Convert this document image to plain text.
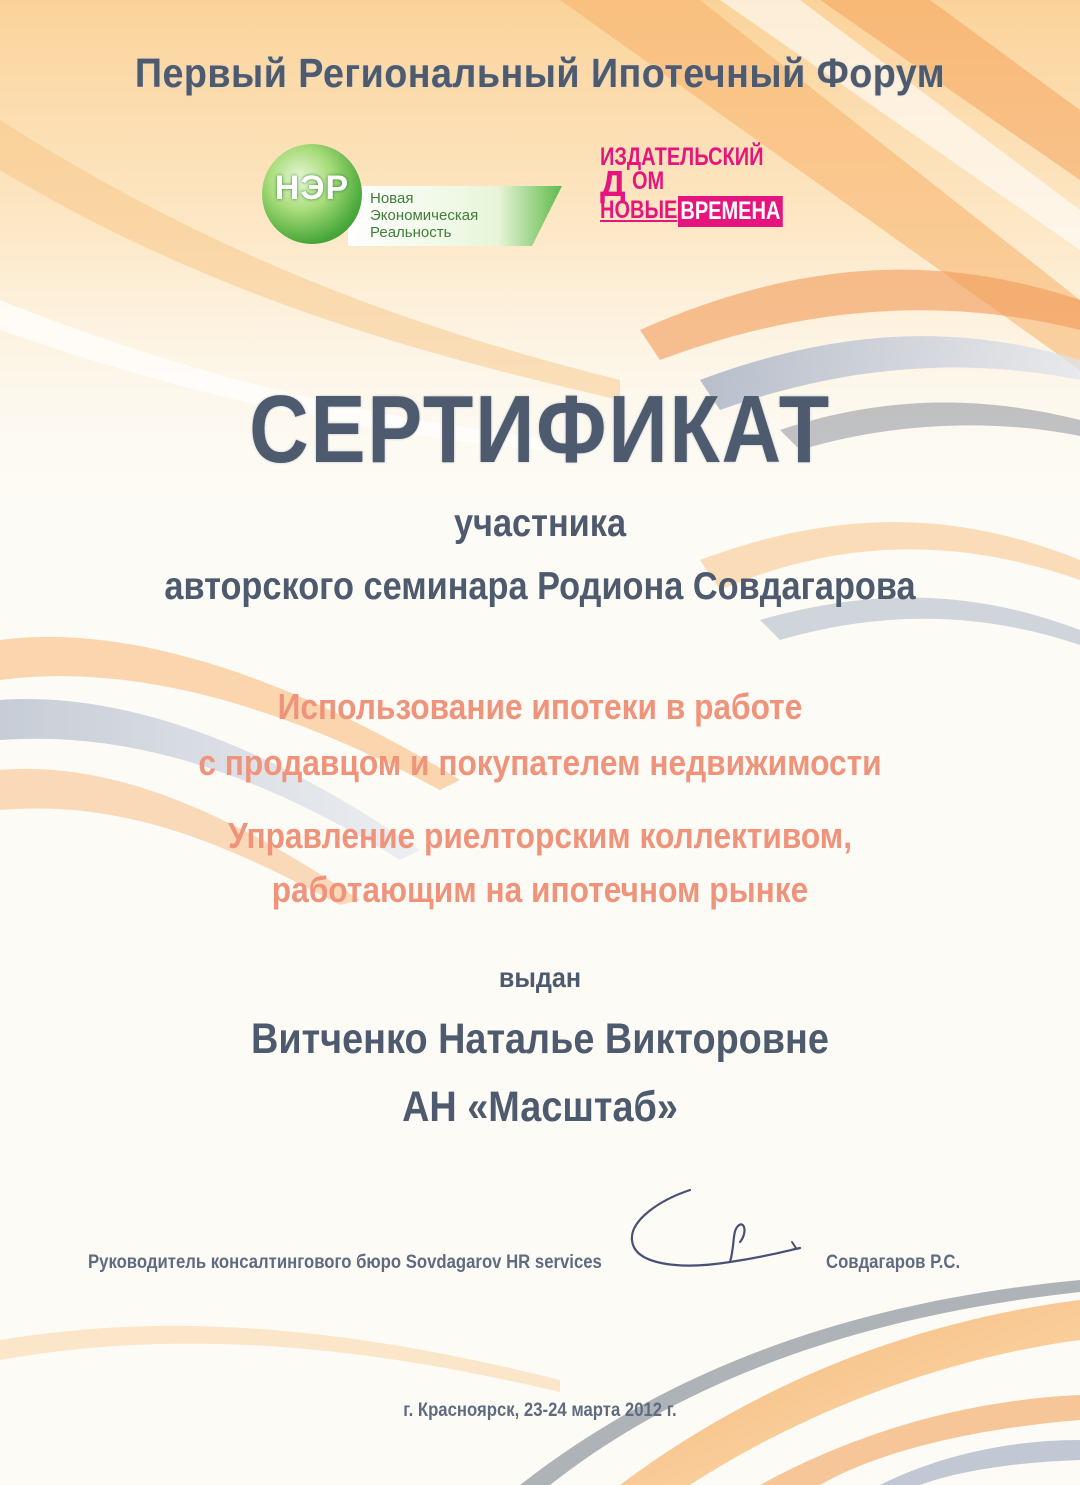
Первый Региональный Ипотечный Форум
НЭР	Новая
Экономическая
Реальность
ИЗДАТЕЛЬСКИЙ
Д ОМ
НОВЫЕ ВРЕМЕНА
СЕРТИФИКАТ
участника
авторского семинара Родиона Совдагарова
Использование ипотеки в работе
с продавцом и покупателем недвижимости
Управление риелторским коллективом,
работающим на ипотечном рынке
выдан
Витченко Наталье Викторовне
АН «Масштаб»
Руководитель консалтингового бюро Sovdagarov HR services	Совдагаров Р.С.
г. Красноярск, 23-24 марта 2012 г.
